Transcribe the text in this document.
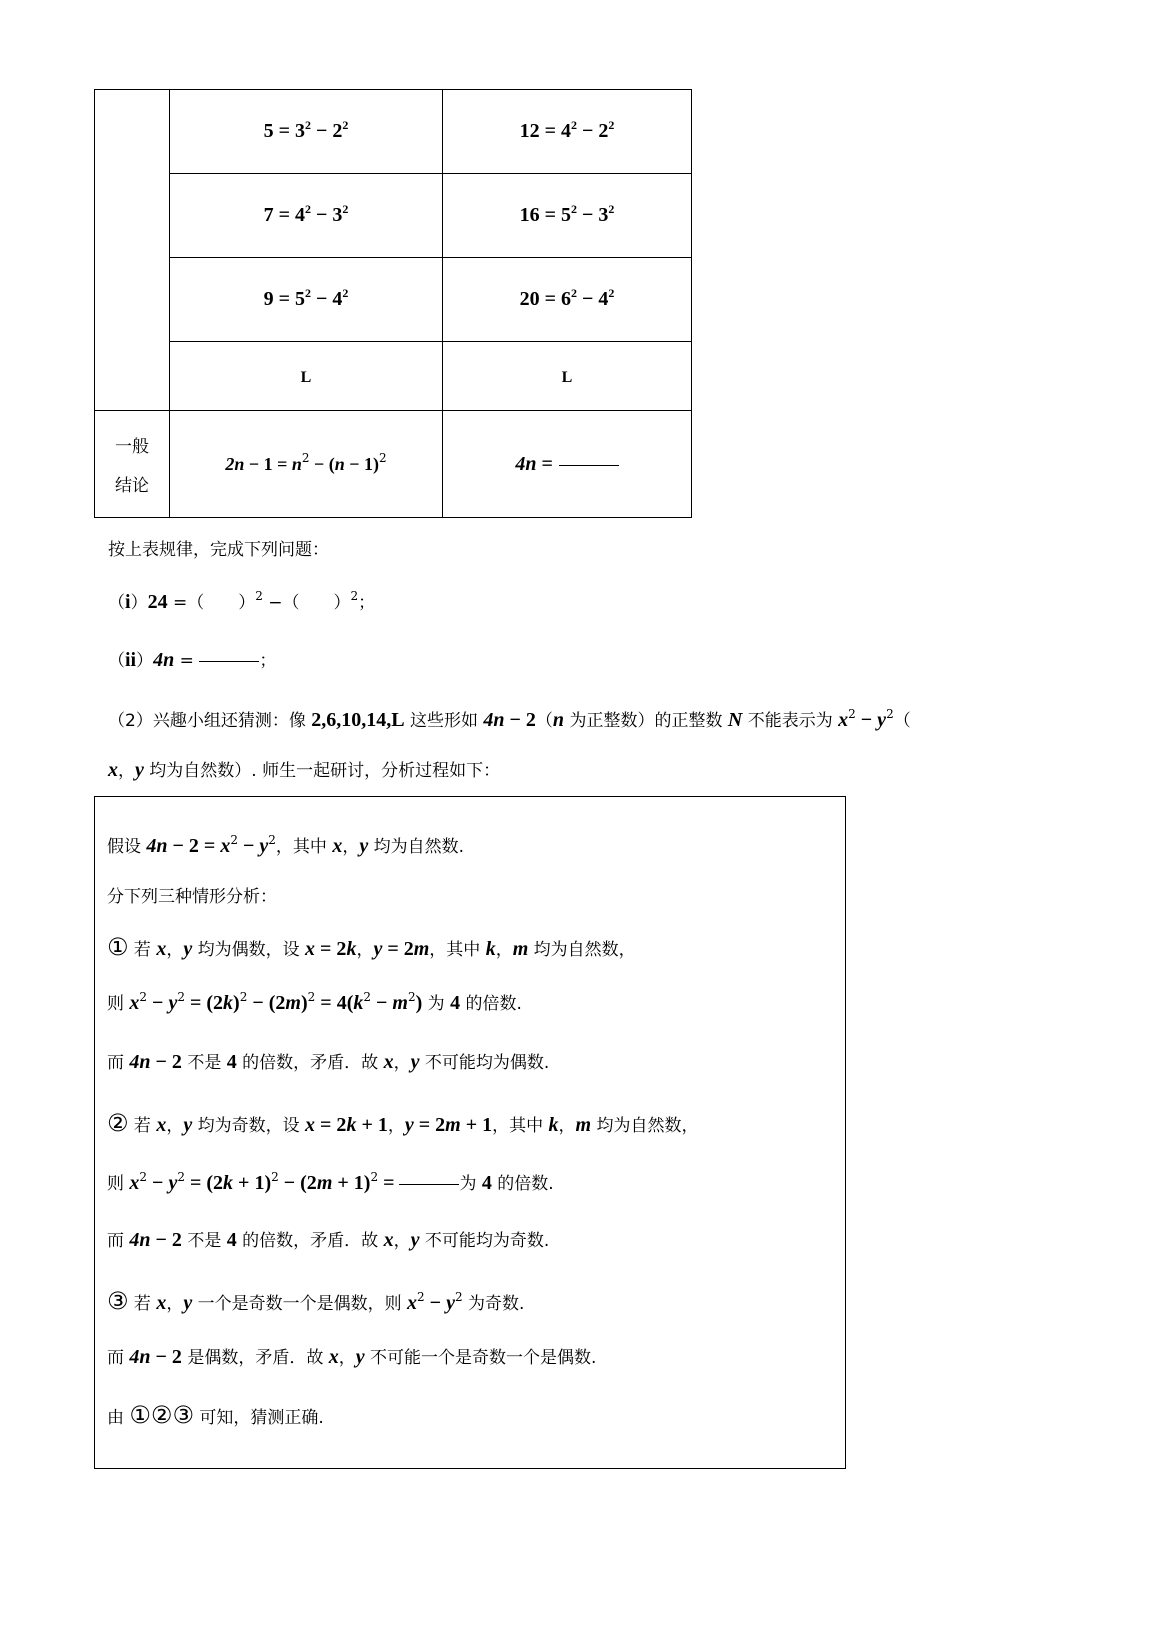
	$5 = 3^2 - 2^2$	$12 = 4^2 - 2^2$
	$7 = 4^2 - 3^2$	$16 = 5^2 - 3^2$
	$9 = 5^2 - 4^2$	$20 = 6^2 - 4^2$
	L	L

一般
结论	$2n - 1 = n^2 - (n - 1)^2$	4n =
按上表规律，完成下列问题：
（i）24 =（　　）$^2$ −（　　）$^2$；
（ii）4n =	；
（2）兴趣小组还猜测：像 2,6,10,14,L 这些形如 4n − 2（n 为正整数）的正整数 N 不能表示为 $x^2 - y^2$（
x，y 均为自然数）. 师生一起研讨，分析过程如下：
假设 $4n - 2 = x^2 - y^2$，其中 x，y 均为自然数.
分下列三种情形分析：
① 若 x，y 均为偶数，设 x = 2k，y = 2m，其中 k，m 均为自然数，
则 $x^2 - y^2 = (2k)^2 - (2m)^2 = 4(k^2 - m^2)$ 为 4 的倍数.
而 4n − 2 不是 4 的倍数，矛盾．故 x，y 不可能均为偶数.
② 若 x，y 均为奇数，设 x = 2k + 1，y = 2m + 1，其中 k，m 均为自然数，
则 $x^2 - y^2 = (2k + 1)^2 - (2m + 1)^2$ =	为 4 的倍数.
而 4n − 2 不是 4 的倍数，矛盾．故 x，y 不可能均为奇数.
③ 若 x，y 一个是奇数一个是偶数，则 $x^2 - y^2$ 为奇数.
而 4n − 2 是偶数，矛盾．故 x，y 不可能一个是奇数一个是偶数.
由 ①②③ 可知，猜测正确.
